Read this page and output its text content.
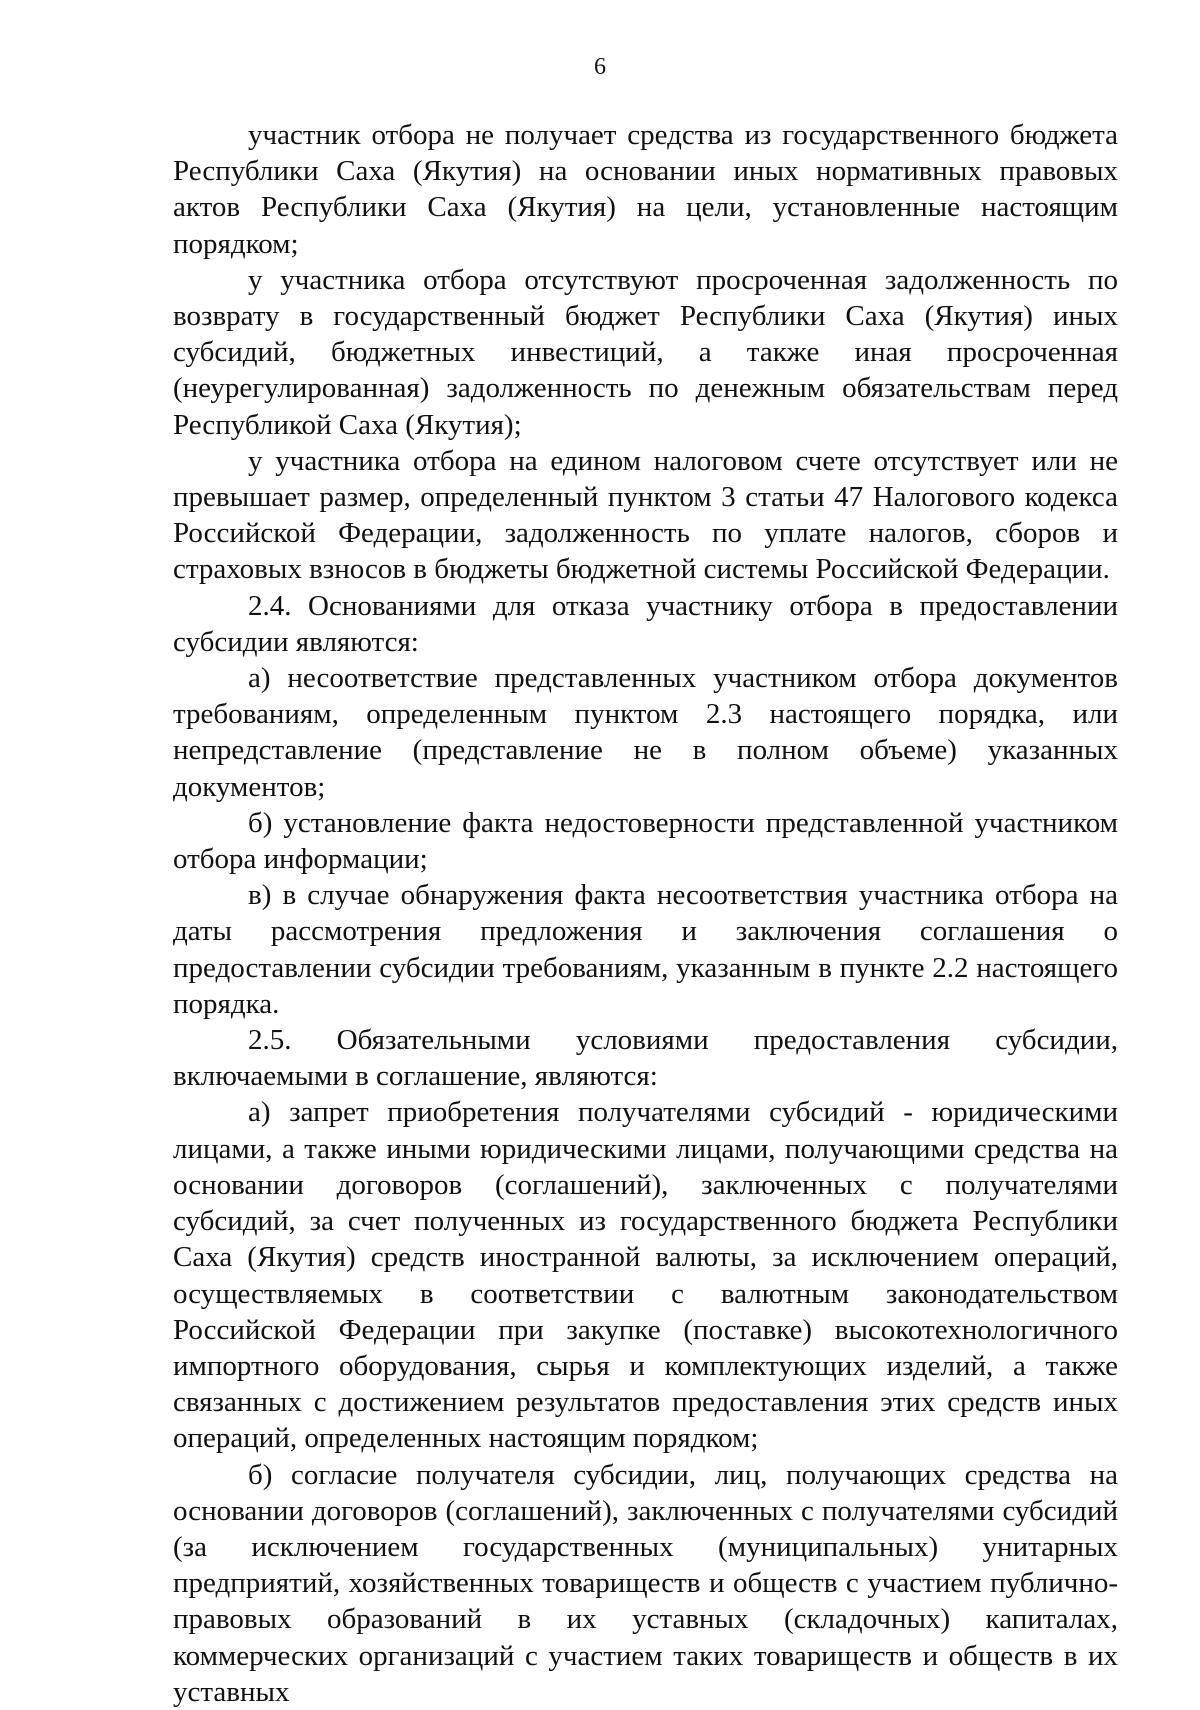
6

участник отбора не получает средства из государственного бюджета Республики Саха (Якутия) на основании иных нормативных правовых актов Республики Саха (Якутия) на цели, установленные настоящим порядком;

у участника отбора отсутствуют просроченная задолженность по возврату в государственный бюджет Республики Саха (Якутия) иных субсидий, бюджетных инвестиций, а также иная просроченная (неурегулированная) задолженность по денежным обязательствам перед Республикой Саха (Якутия);

у участника отбора на едином налоговом счете отсутствует или не превышает размер, определенный пунктом 3 статьи 47 Налогового кодекса Российской Федерации, задолженность по уплате налогов, сборов и страховых взносов в бюджеты бюджетной системы Российской Федерации.

2.4. Основаниями для отказа участнику отбора в предоставлении субсидии являются:

а) несоответствие представленных участником отбора документов требованиям, определенным пунктом 2.3 настоящего порядка, или непредставление (представление не в полном объеме) указанных документов;

б) установление факта недостоверности представленной участником отбора информации;

в) в случае обнаружения факта несоответствия участника отбора на даты рассмотрения предложения и заключения соглашения о предоставлении субсидии требованиям, указанным в пункте 2.2 настоящего порядка.

2.5. Обязательными условиями предоставления субсидии, включаемыми в соглашение, являются:

а) запрет приобретения получателями субсидий - юридическими лицами, а также иными юридическими лицами, получающими средства на основании договоров (соглашений), заключенных с получателями субсидий, за счет полученных из государственного бюджета Республики Саха (Якутия) средств иностранной валюты, за исключением операций, осуществляемых в соответствии с валютным законодательством Российской Федерации при закупке (поставке) высокотехнологичного импортного оборудования, сырья и комплектующих изделий, а также связанных с достижением результатов предоставления этих средств иных операций, определенных настоящим порядком;

б) согласие получателя субсидии, лиц, получающих средства на основании договоров (соглашений), заключенных с получателями субсидий (за исключением государственных (муниципальных) унитарных предприятий, хозяйственных товариществ и обществ с участием публично-правовых образований в их уставных (складочных) капиталах, коммерческих организаций с участием таких товариществ и обществ в их уставных
